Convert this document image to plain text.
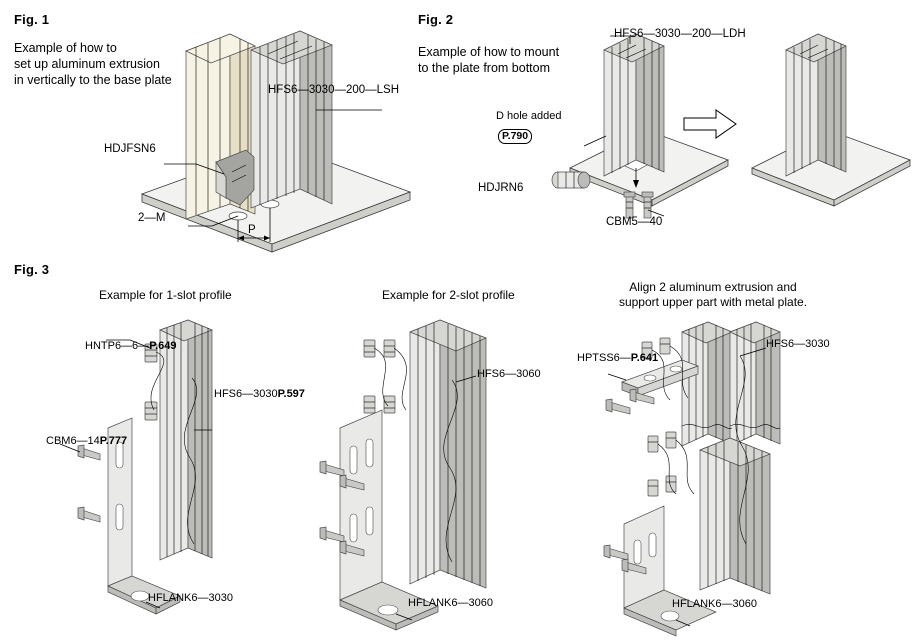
Fig. 1
Example of how to
set up aluminum extrusion
in vertically to the base plate
HFS6—3030—200—LSH
HDJFSN6
2—M
P
Fig. 2
Example of how to mount
to the plate from bottom
HFS6—3030—200—LDH
D hole added
P.790
HDJRN6
CBM5—40
Fig. 3
Example for 1-slot profile	Example for 2-slot profile
Align 2 aluminum extrusion and
support upper part with metal plate.
HNTP6—6—P.649
HFS6—3030P.597
CBM6—14P.777
HFLANK6—3030
HFS6—3060
HFLANK6—3060
HFS6—3030
HPTSS6—P.641
HFLANK6—3060
